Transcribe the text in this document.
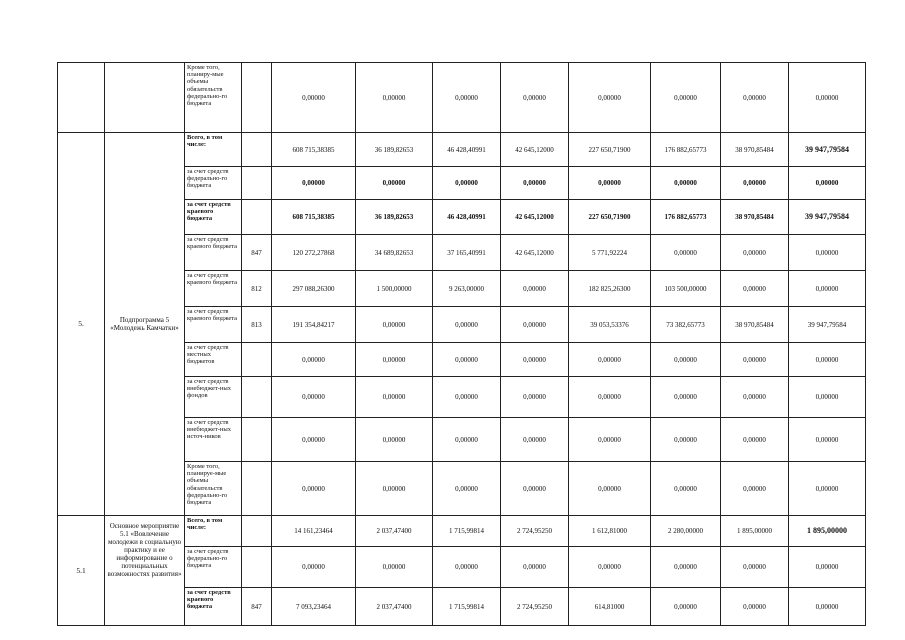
		Кроме того, планиру-мые объемы обязательств федерально-го бюджета		0,00000	0,00000	0,00000	0,00000	0,00000	0,00000	0,00000	0,00000
5.	Подпрограмма 5 «Молодежь Камчатки»	Всего, в том числе:		608 715,38385	36 189,82653	46 428,40991	42 645,12000	227 650,71900	176 882,65773	38 970,85484	39 947,79584
		за счет средств федерально-го бюджета		0,00000	0,00000	0,00000	0,00000	0,00000	0,00000	0,00000	0,00000
		за счет средств краевого бюджета		608 715,38385	36 189,82653	46 428,40991	42 645,12000	227 650,71900	176 882,65773	38 970,85484	39 947,79584
		за счет средств краевого бюджета	847	120 272,27868	34 689,82653	37 165,40991	42 645,12000	5 771,92224	0,00000	0,00000	0,00000
		за счет средств краевого бюджета	812	297 088,26300	1 500,00000	9 263,00000	0,00000	182 825,26300	103 500,00000	0,00000	0,00000
		за счет средств краевого бюджета	813	191 354,84217	0,00000	0,00000	0,00000	39 053,53376	73 382,65773	38 970,85484	39 947,79584
		за счет средств местных бюджетов		0,00000	0,00000	0,00000	0,00000	0,00000	0,00000	0,00000	0,00000
		за счет средств внебюджет-ных фондов		0,00000	0,00000	0,00000	0,00000	0,00000	0,00000	0,00000	0,00000
		за счет средств внебюджет-ных источ-ников		0,00000	0,00000	0,00000	0,00000	0,00000	0,00000	0,00000	0,00000
		Кроме того, планируе-мые объемы обязательств федерально-го бюджета		0,00000	0,00000	0,00000	0,00000	0,00000	0,00000	0,00000	0,00000
5.1	Основное мероприятие 5.1 «Вовлечение молодежи в социальную практику и ее информирование о потенциальных возможностях развития»	Всего, в том числе:		14 161,23464	2 037,47400	1 715,99814	2 724,95250	1 612,81000	2 280,00000	1 895,00000	1 895,00000
		за счет средств федерально-го бюджета		0,00000	0,00000	0,00000	0,00000	0,00000	0,00000	0,00000	0,00000
		за счет средств краевого бюджета	847	7 093,23464	2 037,47400	1 715,99814	2 724,95250	614,81000	0,00000	0,00000	0,00000
